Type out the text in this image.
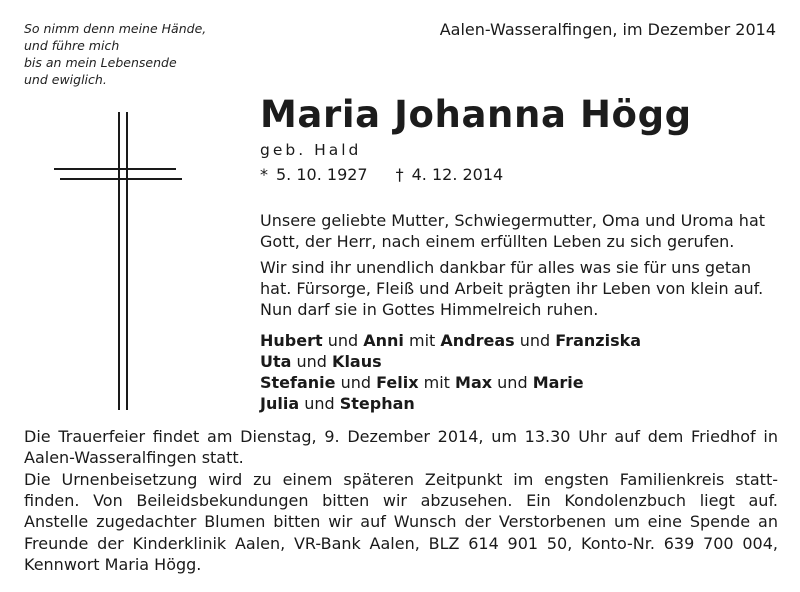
So nimm denn meine Hände,
und führe mich
bis an mein Lebensende
und ewiglich.
Aalen-Wasseralfingen, im Dezember 2014
Maria Johanna Högg
geb. Hald
* 5. 10. 1927 † 4. 12. 2014
Unsere geliebte Mutter, Schwiegermutter, Oma und Uroma hat
Gott, der Herr, nach einem erfüllten Leben zu sich gerufen.
Wir sind ihr unendlich dankbar für alles was sie für uns getan
hat. Fürsorge, Fleiß und Arbeit prägten ihr Leben von klein auf.
Nun darf sie in Gottes Himmelreich ruhen.
Hubert und Anni mit Andreas und Franziska
Uta und Klaus
Stefanie und Felix mit Max und Marie
Julia und Stephan
Die Trauerfeier findet am Dienstag, 9. Dezember 2014, um 13.30 Uhr auf dem Friedhof in
Aalen-Wasseralfingen statt.
Die Urnenbeisetzung wird zu einem späteren Zeitpunkt im engsten Familienkreis statt-
finden. Von Beileidsbekundungen bitten wir abzusehen. Ein Kondolenzbuch liegt auf.
Anstelle zugedachter Blumen bitten wir auf Wunsch der Verstorbenen um eine Spende an
Freunde der Kinderklinik Aalen, VR-Bank Aalen, BLZ 614 901 50, Konto-Nr. 639 700 004,
Kennwort Maria Högg.
